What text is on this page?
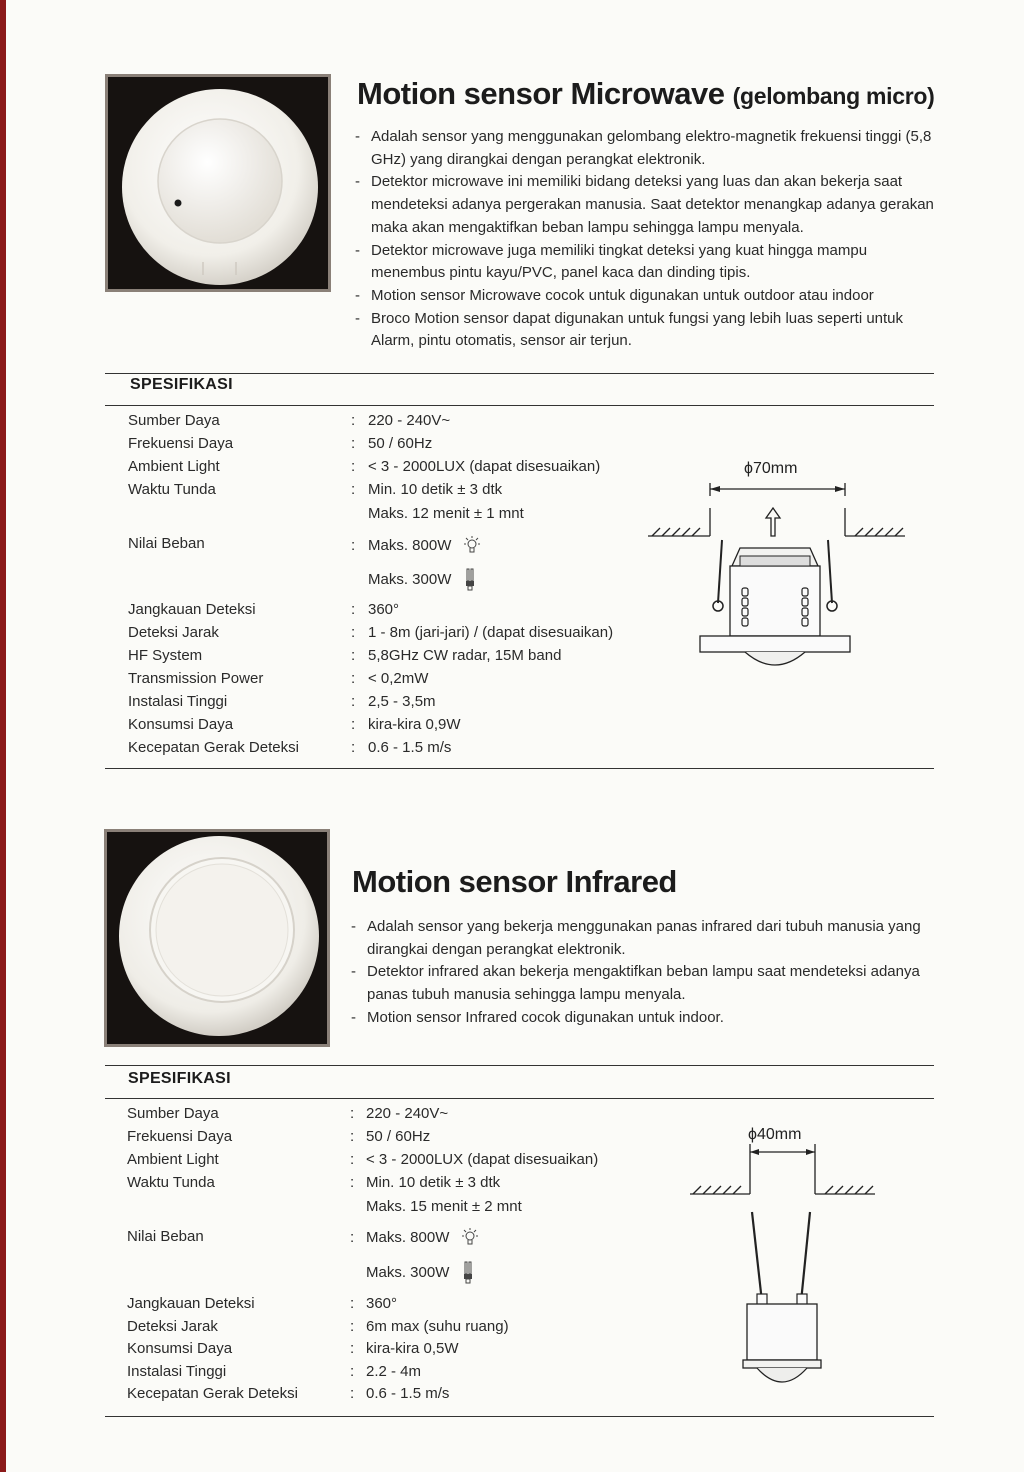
Motion sensor Microwave (gelombang micro)
- Adalah sensor yang menggunakan gelombang elektro-magnetik frekuensi tinggi (5,8 GHz) yang dirangkai dengan perangkat elektronik.
- Detektor microwave ini memiliki bidang deteksi yang luas dan akan bekerja saat mendeteksi adanya pergerakan manusia. Saat detektor menangkap adanya gerakan maka akan mengaktifkan beban lampu sehingga lampu menyala.
- Detektor microwave juga memiliki tingkat deteksi yang kuat hingga mampu menembus pintu kayu/PVC, panel kaca dan dinding tipis.
- Motion sensor Microwave cocok untuk digunakan untuk outdoor atau indoor
- Broco Motion sensor dapat digunakan untuk fungsi yang lebih luas seperti untuk Alarm, pintu otomatis, sensor air terjun.
SPESIFIKASI
Sumber Daya	: 220 - 240V~
Frekuensi Daya	: 50 / 60Hz
Ambient Light	: < 3 - 2000LUX (dapat disesuaikan)
Waktu Tunda	: Min. 10 detik ± 3 dtk
Maks. 12 menit ± 1 mnt
Nilai Beban	: Maks. 800W
Maks. 300W
Jangkauan Deteksi	: 360°
Deteksi Jarak	: 1 - 8m (jari-jari) / (dapat disesuaikan)
HF System	: 5,8GHz CW radar, 15M band
Transmission Power	: < 0,2mW
Instalasi Tinggi	: 2,5 - 3,5m
Konsumsi Daya	: kira-kira 0,9W
Kecepatan Gerak Deteksi	: 0.6 - 1.5 m/s
ϕ70mm
Motion sensor Infrared
- Adalah sensor yang bekerja menggunakan panas infrared dari tubuh manusia yang dirangkai dengan perangkat elektronik.
- Detektor infrared akan bekerja mengaktifkan beban lampu saat mendeteksi adanya panas tubuh manusia sehingga lampu menyala.
- Motion sensor Infrared cocok digunakan untuk indoor.
SPESIFIKASI
Sumber Daya	: 220 - 240V~
Frekuensi Daya	: 50 / 60Hz
Ambient Light	: < 3 - 2000LUX (dapat disesuaikan)
Waktu Tunda	: Min. 10 detik ± 3 dtk
Maks. 15 menit ± 2 mnt
Nilai Beban	: Maks. 800W
Maks. 300W
Jangkauan Deteksi	: 360°
Deteksi Jarak	: 6m max (suhu ruang)
Konsumsi Daya	: kira-kira 0,5W
Instalasi Tinggi	: 2.2 - 4m
Kecepatan Gerak Deteksi	: 0.6 - 1.5 m/s
ϕ40mm
